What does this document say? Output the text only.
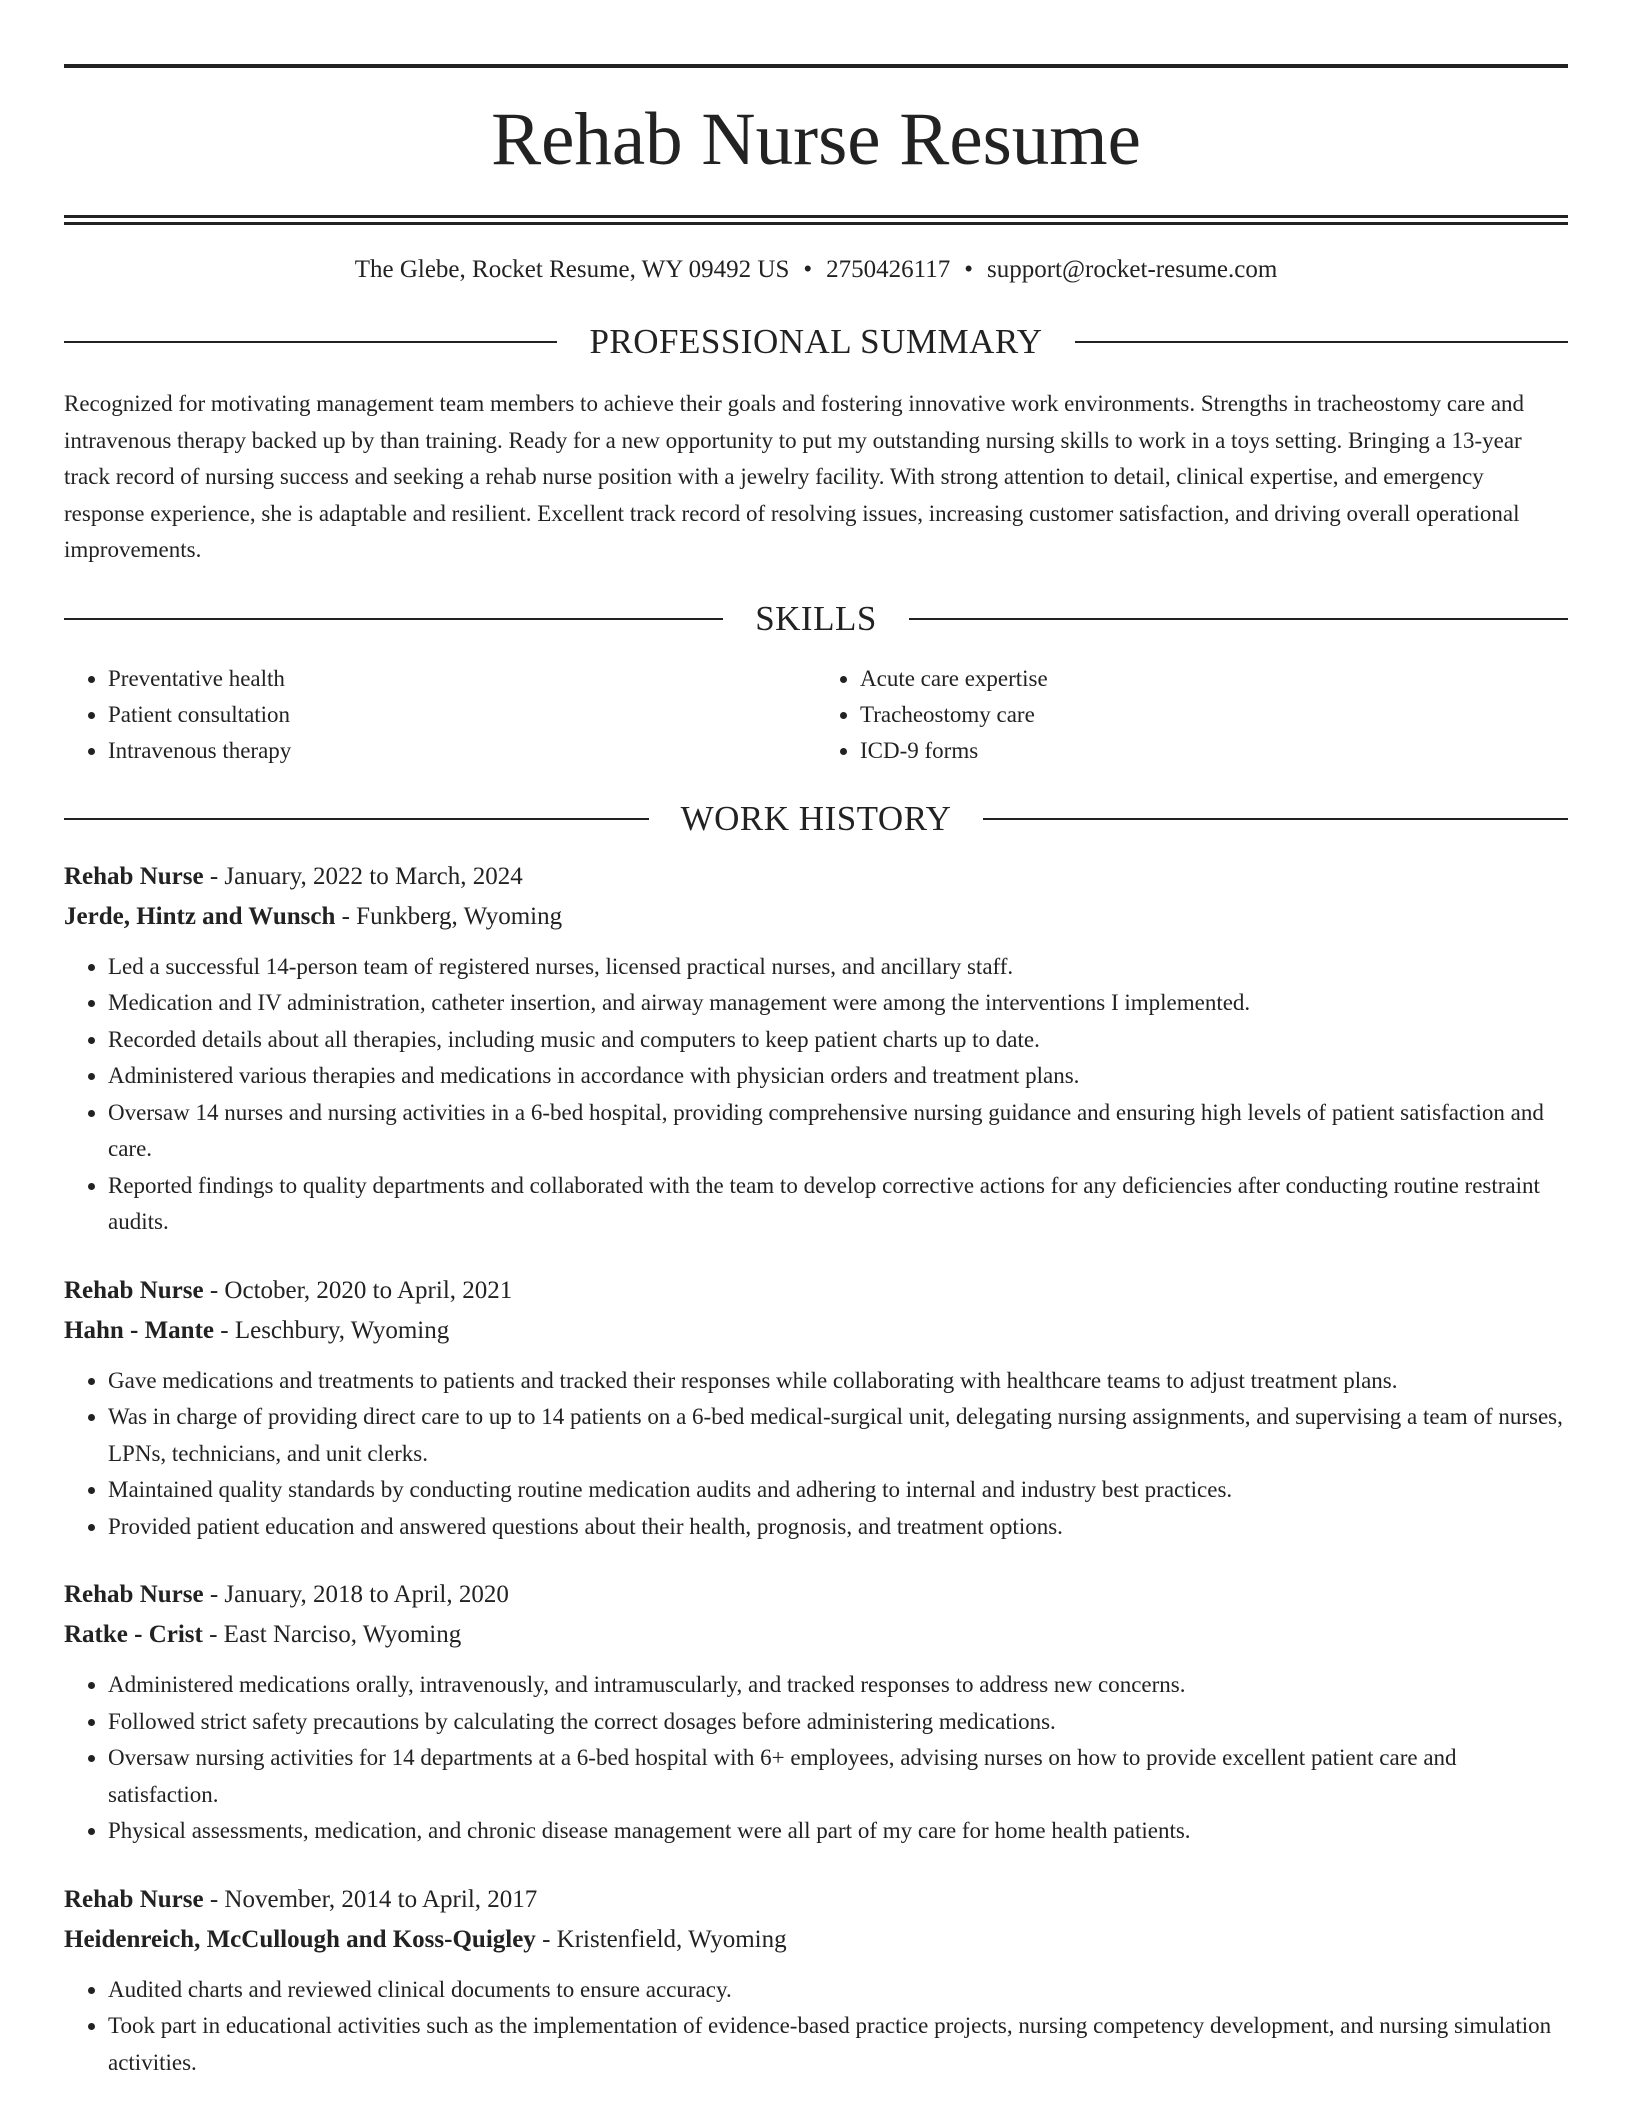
Rehab Nurse Resume
The Glebe, Rocket Resume, WY 09492 US • 2750426117 • support@rocket-resume.com
PROFESSIONAL SUMMARY
Recognized for motivating management team members to achieve their goals and fostering innovative work environments. Strengths in tracheostomy care and intravenous therapy backed up by than training. Ready for a new opportunity to put my outstanding nursing skills to work in a toys setting. Bringing a 13-year track record of nursing success and seeking a rehab nurse position with a jewelry facility. With strong attention to detail, clinical expertise, and emergency response experience, she is adaptable and resilient. Excellent track record of resolving issues, increasing customer satisfaction, and driving overall operational improvements.
SKILLS
• Preventative health
• Patient consultation
• Intravenous therapy
• Acute care expertise
• Tracheostomy care
• ICD-9 forms
WORK HISTORY
Rehab Nurse - January, 2022 to March, 2024
Jerde, Hintz and Wunsch - Funkberg, Wyoming
• Led a successful 14-person team of registered nurses, licensed practical nurses, and ancillary staff.
• Medication and IV administration, catheter insertion, and airway management were among the interventions I implemented.
• Recorded details about all therapies, including music and computers to keep patient charts up to date.
• Administered various therapies and medications in accordance with physician orders and treatment plans.
• Oversaw 14 nurses and nursing activities in a 6-bed hospital, providing comprehensive nursing guidance and ensuring high levels of patient satisfaction and care.
• Reported findings to quality departments and collaborated with the team to develop corrective actions for any deficiencies after conducting routine restraint audits.
Rehab Nurse - October, 2020 to April, 2021
Hahn - Mante - Leschbury, Wyoming
• Gave medications and treatments to patients and tracked their responses while collaborating with healthcare teams to adjust treatment plans.
• Was in charge of providing direct care to up to 14 patients on a 6-bed medical-surgical unit, delegating nursing assignments, and supervising a team of nurses, LPNs, technicians, and unit clerks.
• Maintained quality standards by conducting routine medication audits and adhering to internal and industry best practices.
• Provided patient education and answered questions about their health, prognosis, and treatment options.
Rehab Nurse - January, 2018 to April, 2020
Ratke - Crist - East Narciso, Wyoming
• Administered medications orally, intravenously, and intramuscularly, and tracked responses to address new concerns.
• Followed strict safety precautions by calculating the correct dosages before administering medications.
• Oversaw nursing activities for 14 departments at a 6-bed hospital with 6+ employees, advising nurses on how to provide excellent patient care and satisfaction.
• Physical assessments, medication, and chronic disease management were all part of my care for home health patients.
Rehab Nurse - November, 2014 to April, 2017
Heidenreich, McCullough and Koss-Quigley - Kristenfield, Wyoming
• Audited charts and reviewed clinical documents to ensure accuracy.
• Took part in educational activities such as the implementation of evidence-based practice projects, nursing competency development, and nursing simulation activities.
